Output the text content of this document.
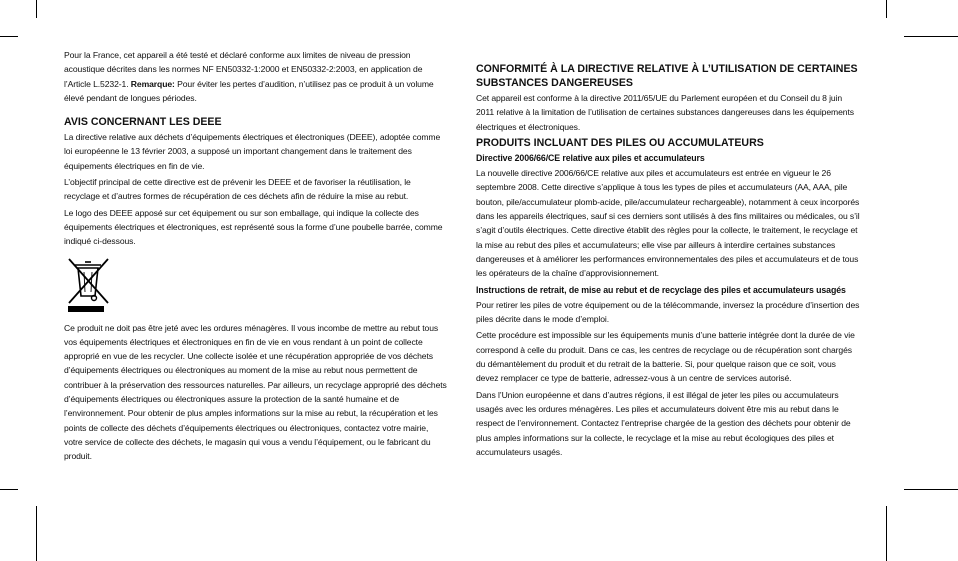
Pour la France, cet appareil a été testé et déclaré conforme aux limites de niveau de pression acoustique décrites dans les normes NF EN50332-1:2000 et EN50332-2:2003, en application de l’Article L.5232-1. Remarque: Pour éviter les pertes d’audition, n’utilisez pas ce produit à un volume élevé pendant de longues périodes.

AVIS CONCERNANT LES DEEE

La directive relative aux déchets d’équipements électriques et électroniques (DEEE), adoptée comme loi européenne le 13 février 2003, a supposé un important changement dans le traitement des équipements électriques en fin de vie.

L’objectif principal de cette directive est de prévenir les DEEE et de favoriser la réutilisation, le recyclage et d’autres formes de récupération de ces déchets afin de réduire la mise au rebut.

Le logo des DEEE apposé sur cet équipement ou sur son emballage, qui indique la collecte des équipements électriques et électroniques, est représenté sous la forme d’une poubelle barrée, comme indiqué ci-dessous.

Ce produit ne doit pas être jeté avec les ordures ménagères. Il vous incombe de mettre au rebut tous vos équipements électriques et électroniques en fin de vie en vous rendant à un point de collecte approprié en vue de les recycler. Une collecte isolée et une récupération appropriée de vos déchets d’équipements électriques ou électroniques au moment de la mise au rebut nous permettent de contribuer à la préservation des ressources naturelles. Par ailleurs, un recyclage approprié des déchets d’équipements électriques ou électroniques assure la protection de la santé humaine et de l’environnement. Pour obtenir de plus amples informations sur la mise au rebut, la récupération et les points de collecte des déchets d’équipements électriques ou électroniques, contactez votre mairie, votre service de collecte des déchets, le magasin qui vous a vendu l’équipement, ou le fabricant du produit.

CONFORMITÉ À LA DIRECTIVE RELATIVE À L’UTILISATION DE CERTAINES SUBSTANCES DANGEREUSES

Cet appareil est conforme à la directive 2011/65/UE du Parlement européen et du Conseil du 8 juin 2011 relative à la limitation de l’utilisation de certaines substances dangereuses dans les équipements électriques et électroniques.

PRODUITS INCLUANT DES PILES OU ACCUMULATEURS
Directive 2006/66/CE relative aux piles et accumulateurs

La nouvelle directive 2006/66/CE relative aux piles et accumulateurs est entrée en vigueur le 26 septembre 2008. Cette directive s’applique à tous les types de piles et accumulateurs (AA, AAA, pile bouton, pile/accumulateur plomb-acide, pile/accumulateur rechargeable), notamment à ceux incorporés dans les appareils électriques, sauf si ces derniers sont utilisés à des fins militaires ou médicales, ou s’il s’agit d’outils électriques. Cette directive établit des règles pour la collecte, le traitement, le recyclage et la mise au rebut des piles et accumulateurs; elle vise par ailleurs à interdire certaines substances dangereuses et à améliorer les performances environnementales des piles et accumulateurs et de tous les opérateurs de la chaîne d’approvisionnement.

Instructions de retrait, de mise au rebut et de recyclage des piles et accumulateurs usagés

Pour retirer les piles de votre équipement ou de la télécommande, inversez la procédure d’insertion des piles décrite dans le mode d’emploi.

Cette procédure est impossible sur les équipements munis d’une batterie intégrée dont la durée de vie correspond à celle du produit. Dans ce cas, les centres de recyclage ou de récupération sont chargés du démantèlement du produit et du retrait de la batterie. Si, pour quelque raison que ce soit, vous devez remplacer ce type de batterie, adressez-vous à un centre de services autorisé.

Dans l’Union européenne et dans d’autres régions, il est illégal de jeter les piles ou accumulateurs usagés avec les ordures ménagères. Les piles et accumulateurs doivent être mis au rebut dans le respect de l’environnement. Contactez l’entreprise chargée de la gestion des déchets pour obtenir de plus amples informations sur la collecte, le recyclage et la mise au rebut écologiques des piles et accumulateurs usagés.
